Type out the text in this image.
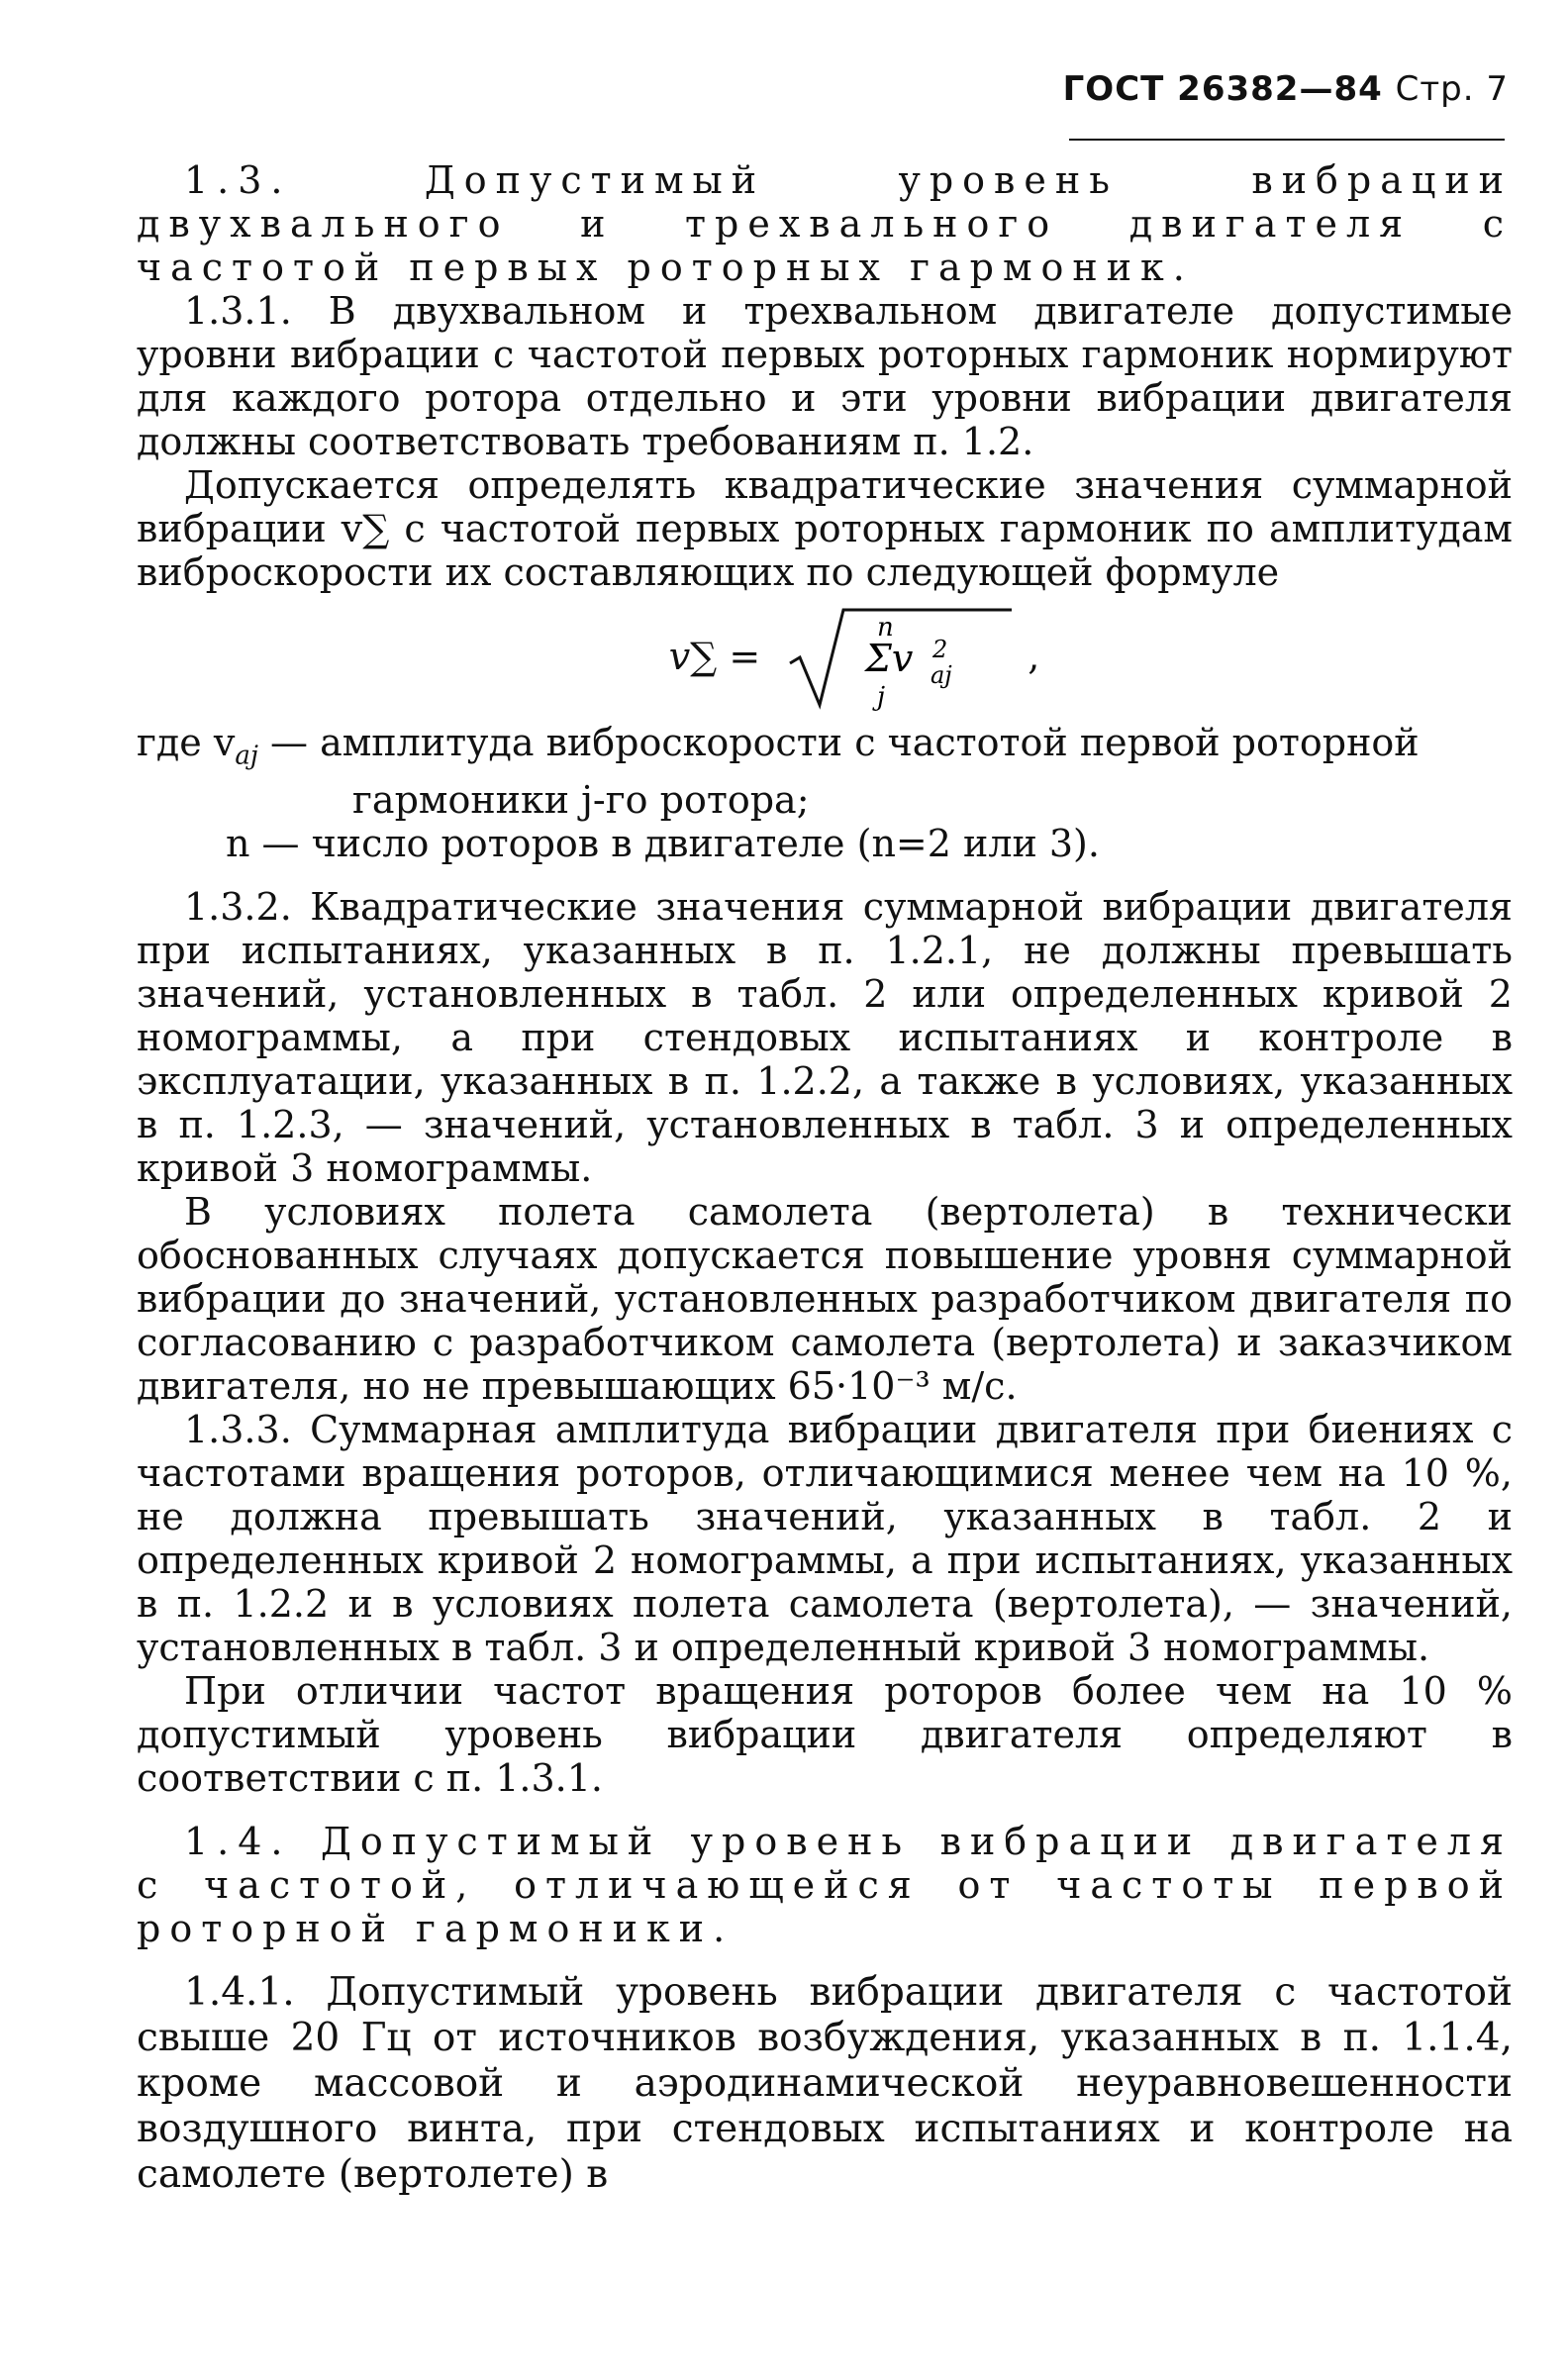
ГОСТ 26382—84 Стр. 7

1.3. Допустимый уровень вибрации двухвального и трехвального двигателя с частотой первых роторных гармоник.

1.3.1. В двухвальном и трехвальном двигателе допустимые уровни вибрации с частотой первых роторных гармоник нормируют для каждого ротора отдельно и эти уровни вибрации двигателя должны соответствовать требованиям п. 1.2.

Допускается определять квадратические значения суммарной вибрации v∑ с частотой первых роторных гармоник по амплитудам виброскорости их составляющих по следующей формуле

v∑ =
n
Σv 2
aj
j
,

где $v_{aj}$ — амплитуда виброскорости с частотой первой роторной

гармоники j-го ротора;

n — число роторов в двигателе (n=2 или 3).

1.3.2. Квадратические значения суммарной вибрации двигателя при испытаниях, указанных в п. 1.2.1, не должны превышать значений, установленных в табл. 2 или определенных кривой 2 номограммы, а при стендовых испытаниях и контроле в эксплуатации, указанных в п. 1.2.2, а также в условиях, указанных в п. 1.2.3, — значений, установленных в табл. 3 и определенных кривой 3 номограммы.

В условиях полета самолета (вертолета) в технически обоснованных случаях допускается повышение уровня суммарной вибрации до значений, установленных разработчиком двигателя по согласованию с разработчиком самолета (вертолета) и заказчиком двигателя, но не превышающих 65·10⁻³ м/с.

1.3.3. Суммарная амплитуда вибрации двигателя при биениях с частотами вращения роторов, отличающимися менее чем на 10 %, не должна превышать значений, указанных в табл. 2 и определенных кривой 2 номограммы, а при испытаниях, указанных в п. 1.2.2 и в условиях полета самолета (вертолета), — значений, установленных в табл. 3 и определенный кривой 3 номограммы.

При отличии частот вращения роторов более чем на 10 % допустимый уровень вибрации двигателя определяют в соответствии с п. 1.3.1.

1.4. Допустимый уровень вибрации двигателя с частотой, отличающейся от частоты первой роторной гармоники.

1.4.1. Допустимый уровень вибрации двигателя с частотой свыше 20 Гц от источников возбуждения, указанных в п. 1.1.4, кроме массовой и аэродинамической неуравновешенности воздушного винта, при стендовых испытаниях и контроле на самолете (вертолете) в
